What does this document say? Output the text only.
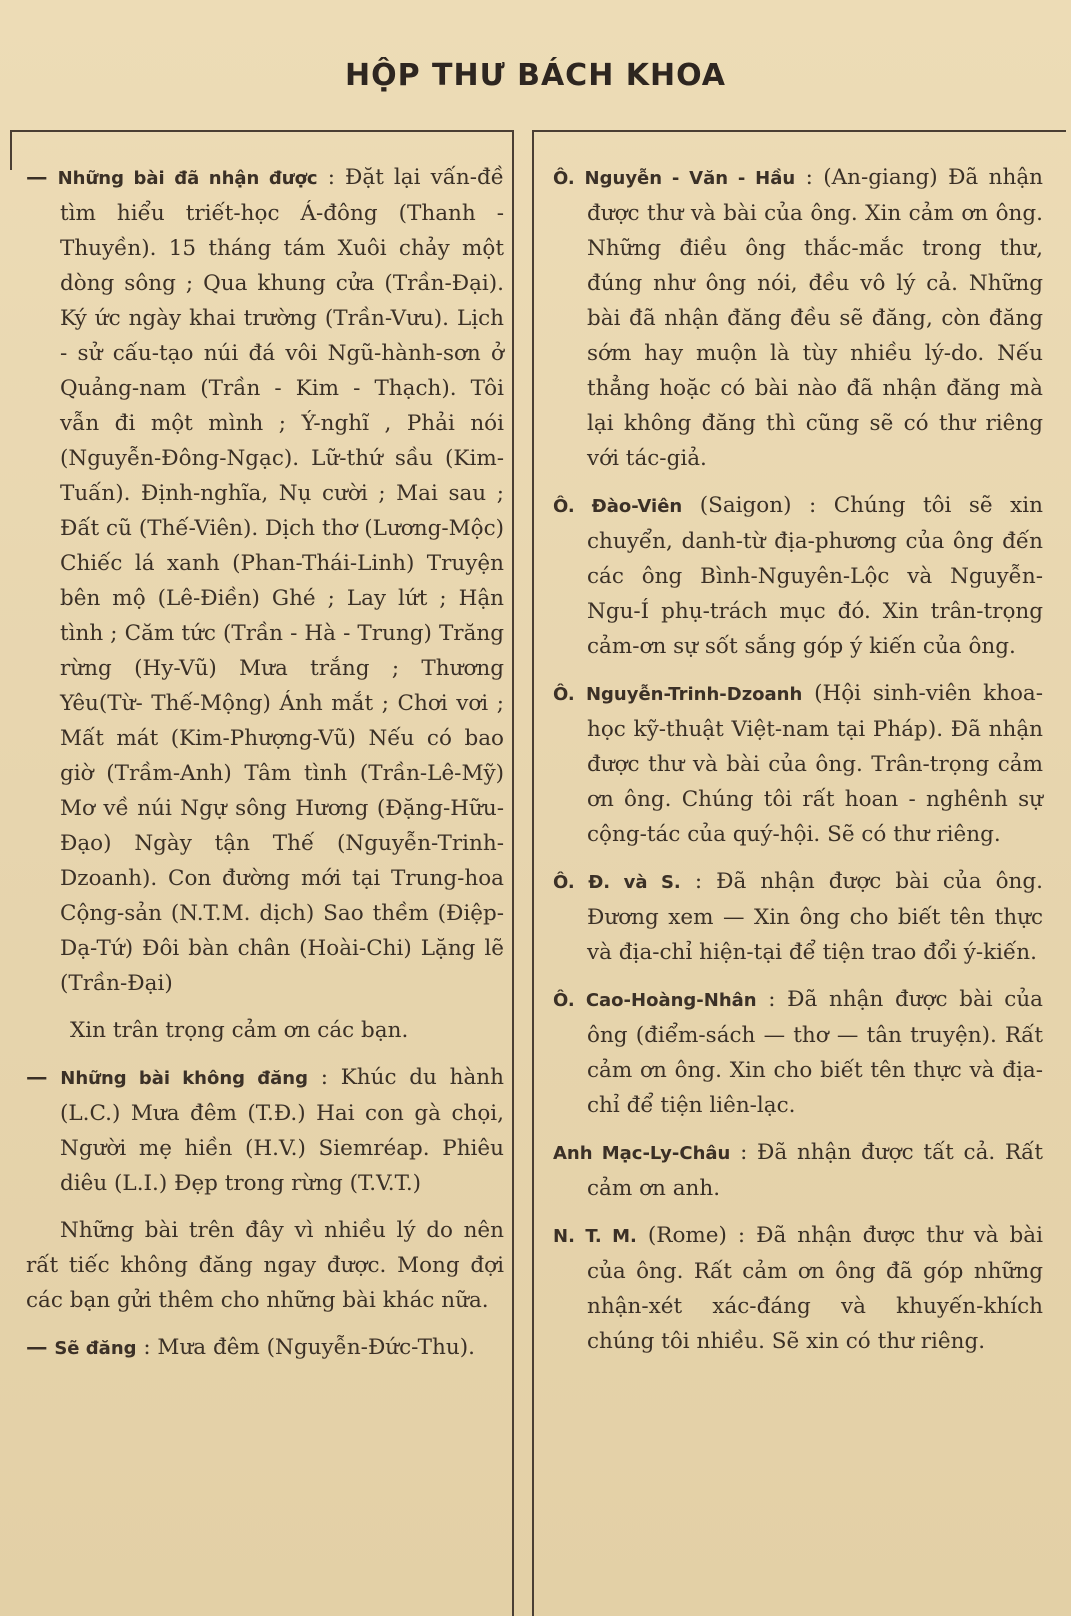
HỘP THƯ BÁCH KHOA
— Những bài đã nhận được : Đặt lại vấn-đề tìm hiểu triết-học Á-đông (Thanh - Thuyền). 15 tháng tám Xuôi chảy một dòng sông ; Qua khung cửa (Trần-Đại). Ký ức ngày khai trường (Trần-Vưu). Lịch - sử cấu-tạo núi đá vôi Ngũ-hành-sơn ở Quảng-nam (Trần - Kim - Thạch). Tôi vẫn đi một mình ; Ý-nghĩ , Phải nói (Nguyễn-Đông-Ngạc). Lữ-thứ sầu (Kim-Tuấn). Định-nghĩa, Nụ cười ; Mai sau ; Đất cũ (Thế-Viên). Dịch thơ (Lương-Mộc) Chiếc lá xanh (Phan-Thái-Linh) Truyện bên mộ (Lê-Điền) Ghé ; Lay lứt ; Hận tình ; Căm tức (Trần - Hà - Trung) Trăng rừng (Hy-Vũ) Mưa trắng ; Thương Yêu(Từ- Thế-Mộng) Ánh mắt ; Chơi vơi ; Mất mát (Kim-Phượng-Vũ) Nếu có bao giờ (Trầm-Anh) Tâm tình (Trần-Lê-Mỹ) Mơ về núi Ngự sông Hương (Đặng-Hữu-Đạo) Ngày tận Thế (Nguyễn-Trinh-Dzoanh). Con đường mới tại Trung-hoa Cộng-sản (N.T.M. dịch) Sao thềm (Điệp-Dạ-Tứ) Đôi bàn chân (Hoài-Chi) Lặng lẽ (Trần-Đại)
Xin trân trọng cảm ơn các bạn.
— Những bài không đăng : Khúc du hành (L.C.) Mưa đêm (T.Đ.) Hai con gà chọi, Người mẹ hiền (H.V.) Siemréap. Phiêu diêu (L.I.) Đẹp trong rừng (T.V.T.)
Những bài trên đây vì nhiều lý do nên rất tiếc không đăng ngay được. Mong đợi các bạn gửi thêm cho những bài khác nữa.
— Sẽ đăng : Mưa đêm (Nguyễn-Đức-Thu).
Ô. Nguyễn - Văn - Hầu : (An-giang) Đã nhận được thư và bài của ông. Xin cảm ơn ông. Những điều ông thắc-mắc trong thư, đúng như ông nói, đều vô lý cả. Những bài đã nhận đăng đều sẽ đăng, còn đăng sớm hay muộn là tùy nhiều lý-do. Nếu thẳng hoặc có bài nào đã nhận đăng mà lại không đăng thì cũng sẽ có thư riêng với tác-giả.
Ô. Đào-Viên (Saigon) : Chúng tôi sẽ xin chuyển, danh-từ địa-phương của ông đến các ông Bình-Nguyên-Lộc và Nguyễn-Ngu-Í phụ-trách mục đó. Xin trân-trọng cảm-ơn sự sốt sắng góp ý kiến của ông.
Ô. Nguyễn-Trinh-Dzoanh (Hội sinh-viên khoa-học kỹ-thuật Việt-nam tại Pháp). Đã nhận được thư và bài của ông. Trân-trọng cảm ơn ông. Chúng tôi rất hoan - nghênh sự cộng-tác của quý-hội. Sẽ có thư riêng.
Ô. Đ. và S. : Đã nhận được bài của ông. Đương xem — Xin ông cho biết tên thực và địa-chỉ hiện-tại để tiện trao đổi ý-kiến.
Ô. Cao-Hoàng-Nhân : Đã nhận được bài của ông (điểm-sách — thơ — tân truyện). Rất cảm ơn ông. Xin cho biết tên thực và địa-chỉ để tiện liên-lạc.
Anh Mạc-Ly-Châu : Đã nhận được tất cả. Rất cảm ơn anh.
N. T. M. (Rome) : Đã nhận được thư và bài của ông. Rất cảm ơn ông đã góp những nhận-xét xác-đáng và khuyến-khích chúng tôi nhiều. Sẽ xin có thư riêng.
